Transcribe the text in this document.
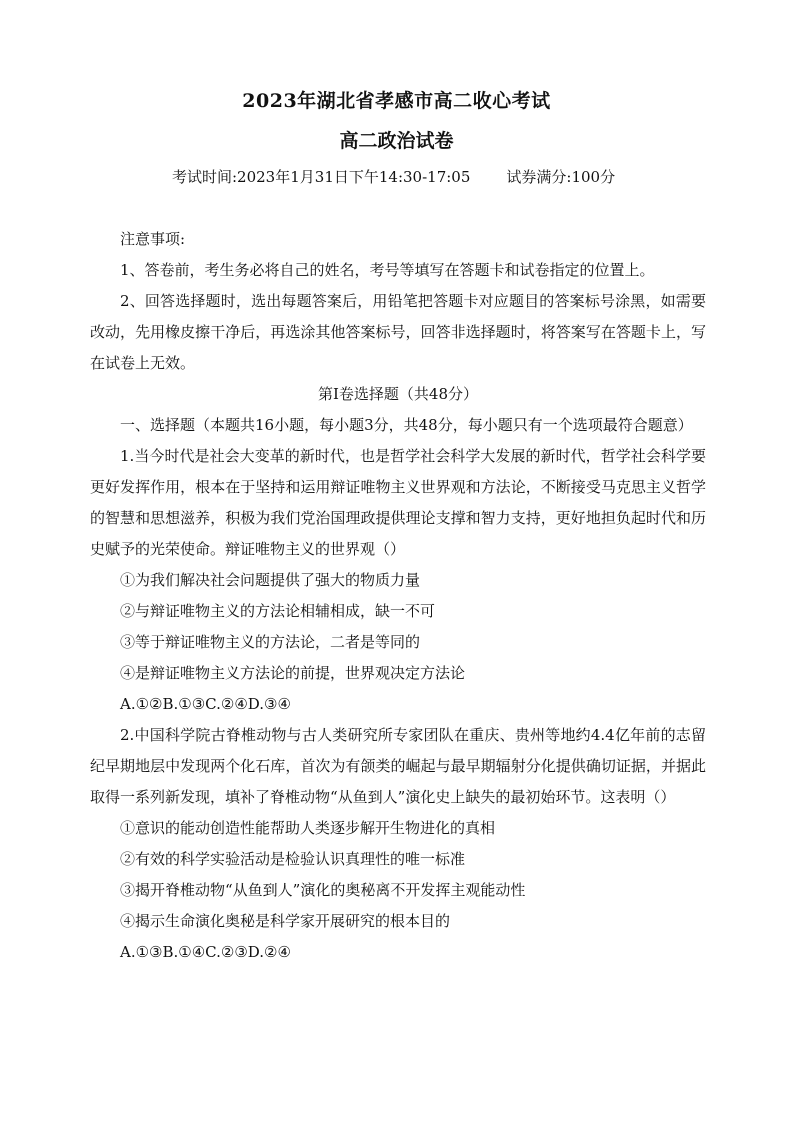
2023年湖北省孝感市高二收心考试
高二政治试卷
考试时间:2023年1月31日下午14:30-17:05 试券满分:100分

注意事项:

1、答卷前，考生务必将自己的姓名，考号等填写在答题卡和试卷指定的位置上。

2、回答选择题时，选出每题答案后，用铅笔把答题卡对应题目的答案标号涂黑，如需要改动，先用橡皮擦干净后，再选涂其他答案标号，回答非选择题时，将答案写在答题卡上，写在试卷上无效。

第Ⅰ卷选择题（共48分）

一、选择题（本题共16小题，每小题3分，共48分，每小题只有一个选项最符合题意）

1.当今时代是社会大变革的新时代，也是哲学社会科学大发展的新时代，哲学社会科学要更好发挥作用，根本在于坚持和运用辩证唯物主义世界观和方法论，不断接受马克思主义哲学的智慧和思想滋养，积极为我们党治国理政提供理论支撑和智力支持，更好地担负起时代和历史赋予的光荣使命。辩证唯物主义的世界观（）

①为我们解决社会问题提供了强大的物质力量

②与辩证唯物主义的方法论相辅相成，缺一不可

③等于辩证唯物主义的方法论，二者是等同的

④是辩证唯物主义方法论的前提，世界观决定方法论

A.①②B.①③C.②④D.③④

2.中国科学院古脊椎动物与古人类研究所专家团队在重庆、贵州等地约4.4亿年前的志留纪早期地层中发现两个化石库，首次为有颌类的崛起与最早期辐射分化提供确切证据，并据此取得一系列新发现，填补了脊椎动物“从鱼到人”演化史上缺失的最初始环节。这表明（）

①意识的能动创造性能帮助人类逐步解开生物进化的真相

②有效的科学实验活动是检验认识真理性的唯一标准

③揭开脊椎动物“从鱼到人”演化的奥秘离不开发挥主观能动性

④揭示生命演化奥秘是科学家开展研究的根本目的

A.①③B.①④C.②③D.②④
